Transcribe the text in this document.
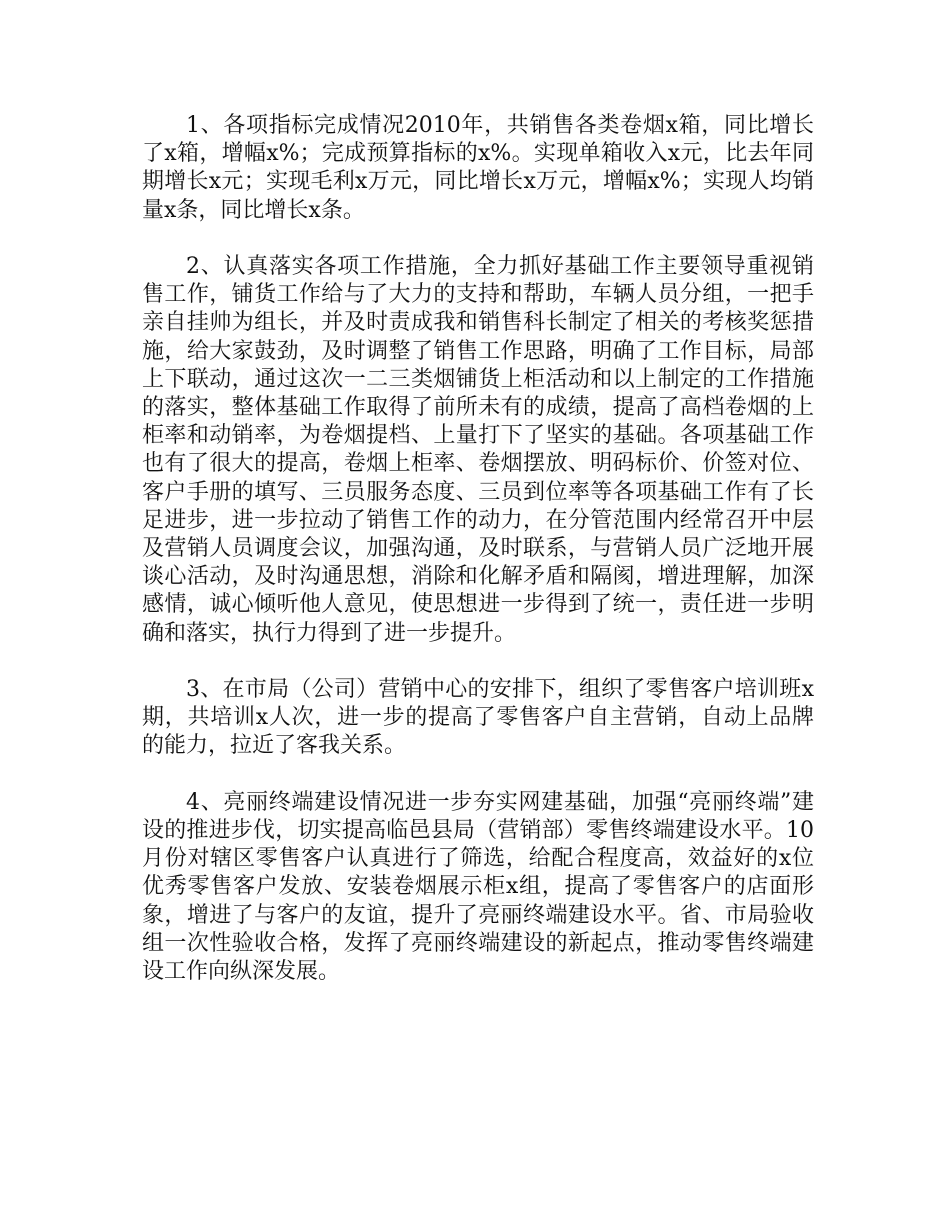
1、各项指标完成情况2010年，共销售各类卷烟x箱，同比增长了x箱，增幅x%；完成预算指标的x%。实现单箱收入x元，比去年同期增长x元；实现毛利x万元，同比增长x万元，增幅x%；实现人均销量x条，同比增长x条。

2、认真落实各项工作措施，全力抓好基础工作主要领导重视销售工作，铺货工作给与了大力的支持和帮助，车辆人员分组，一把手亲自挂帅为组长，并及时责成我和销售科长制定了相关的考核奖惩措施，给大家鼓劲，及时调整了销售工作思路，明确了工作目标，局部上下联动，通过这次一二三类烟铺货上柜活动和以上制定的工作措施的落实，整体基础工作取得了前所未有的成绩，提高了高档卷烟的上柜率和动销率，为卷烟提档、上量打下了坚实的基础。各项基础工作也有了很大的提高，卷烟上柜率、卷烟摆放、明码标价、价签对位、客户手册的填写、三员服务态度、三员到位率等各项基础工作有了长足进步，进一步拉动了销售工作的动力，在分管范围内经常召开中层及营销人员调度会议，加强沟通，及时联系，与营销人员广泛地开展谈心活动，及时沟通思想，消除和化解矛盾和隔阂，增进理解，加深感情，诚心倾听他人意见，使思想进一步得到了统一，责任进一步明确和落实，执行力得到了进一步提升。

3、在市局（公司）营销中心的安排下，组织了零售客户培训班x期，共培训x人次，进一步的提高了零售客户自主营销，自动上品牌的能力，拉近了客我关系。

4、亮丽终端建设情况进一步夯实网建基础，加强“亮丽终端”建设的推进步伐，切实提高临邑县局（营销部）零售终端建设水平。10月份对辖区零售客户认真进行了筛选，给配合程度高，效益好的x位优秀零售客户发放、安装卷烟展示柜x组，提高了零售客户的店面形象，增进了与客户的友谊，提升了亮丽终端建设水平。省、市局验收组一次性验收合格，发挥了亮丽终端建设的新起点，推动零售终端建设工作向纵深发展。
